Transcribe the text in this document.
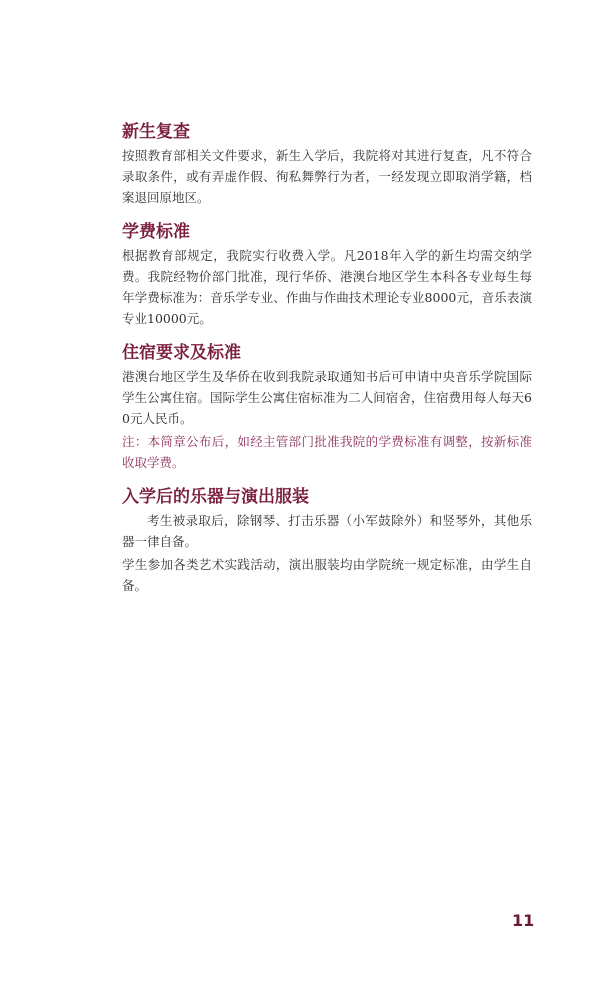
新生复查

按照教育部相关文件要求，新生入学后，我院将对其进行复查，凡不符合录取条件，或有弄虚作假、徇私舞弊行为者，一经发现立即取消学籍，档案退回原地区。

学费标准

根据教育部规定，我院实行收费入学。凡2018年入学的新生均需交纳学费。我院经物价部门批准，现行华侨、港澳台地区学生本科各专业每生每年学费标准为：音乐学专业、作曲与作曲技术理论专业8000元，音乐表演专业10000元。

住宿要求及标准

港澳台地区学生及华侨在收到我院录取通知书后可申请中央音乐学院国际学生公寓住宿。国际学生公寓住宿标准为二人间宿舍，住宿费用每人每天60元人民币。

注：本简章公布后，如经主管部门批准我院的学费标准有调整，按新标准收取学费。

入学后的乐器与演出服装

考生被录取后，除钢琴、打击乐器（小军鼓除外）和竖琴外，其他乐器一律自备。

学生参加各类艺术实践活动，演出服装均由学院统一规定标准，由学生自备。

11
